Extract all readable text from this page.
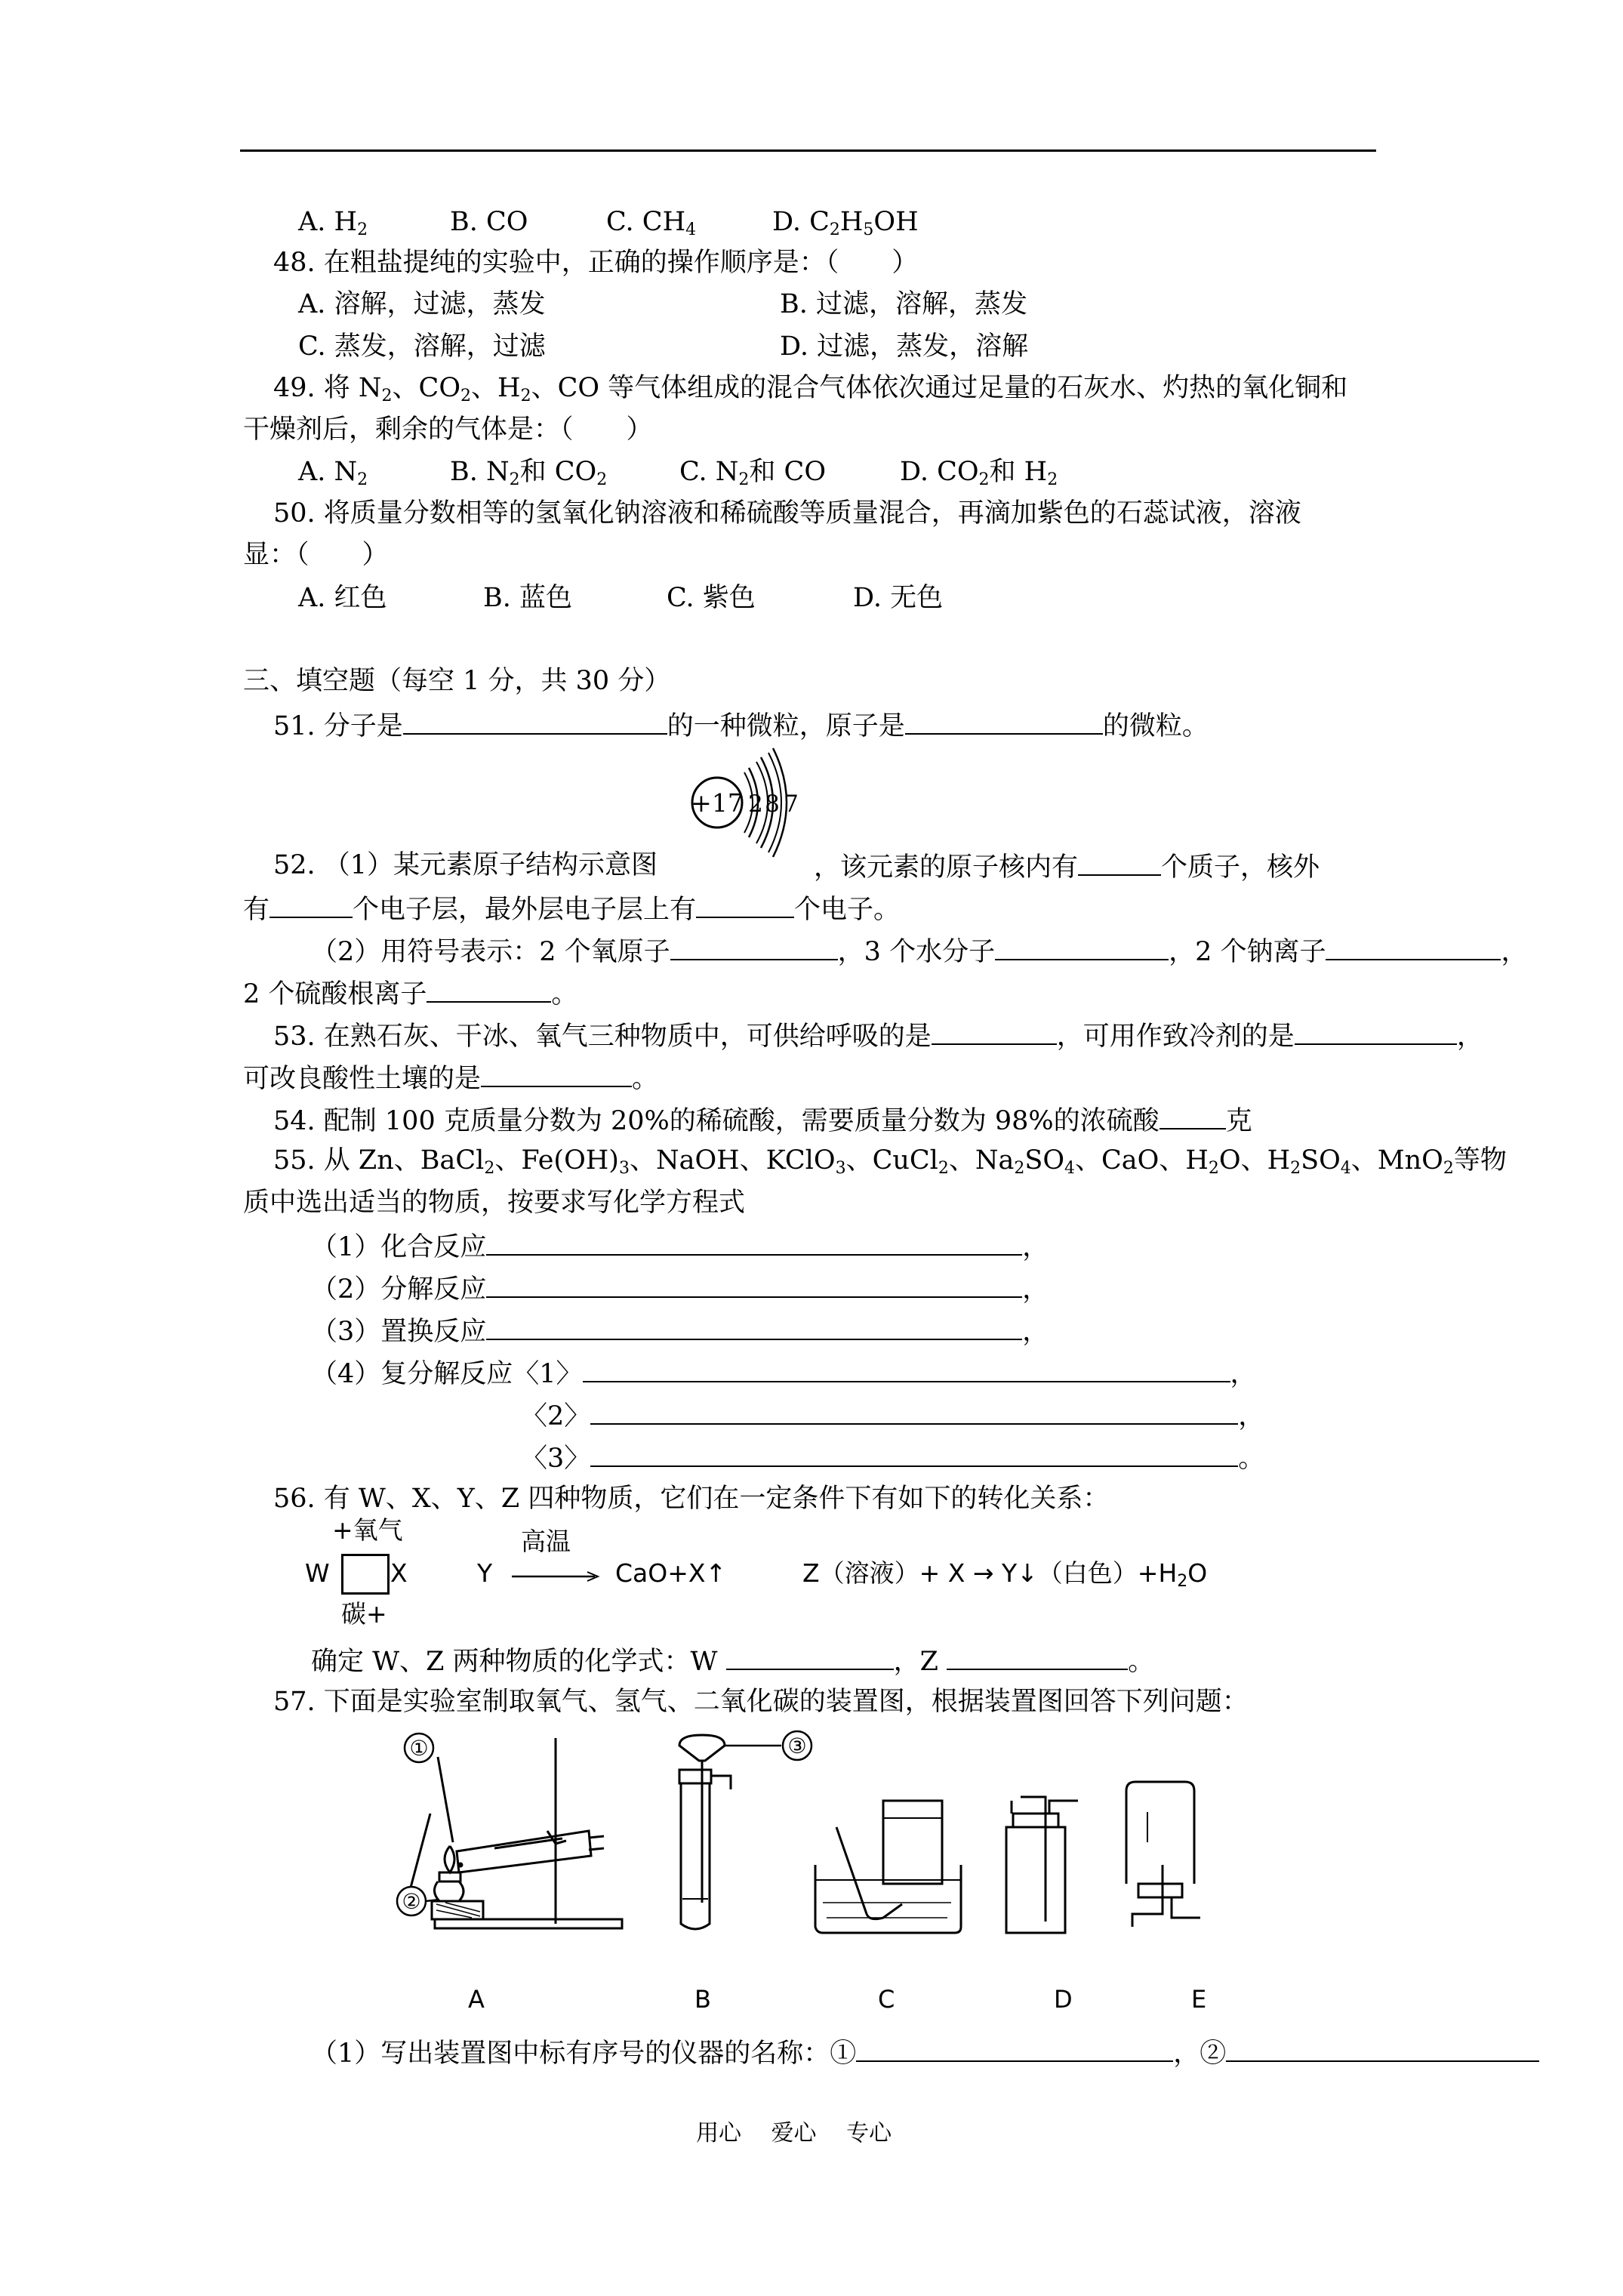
A. $H_2$	B. CO	C. $CH_4$	D. $C_2H_5OH$
48. 在粗盐提纯的实验中，正确的操作顺序是：（　　）
A. 溶解，过滤，蒸发	B. 过滤，溶解，蒸发
C. 蒸发，溶解，过滤	D. 过滤，蒸发，溶解
49. 将 $N_2$、$CO_2$、$H_2$、CO 等气体组成的混合气体依次通过足量的石灰水、灼热的氧化铜和
干燥剂后，剩余的气体是：（　　）
A. $N_2$	B. $N_2$和 $CO_2$	C. $N_2$和 CO	D. $CO_2$和 $H_2$
50. 将质量分数相等的氢氧化钠溶液和稀硫酸等质量混合，再滴加紫色的石蕊试液，溶液
显：（　　）
A. 红色	B. 蓝色	C. 紫色	D. 无色
三、填空题（每空 1 分，共 30 分）
51. 分子是	的一种微粒，原子是	的微粒。
+17 2 8 7
52. （1）某元素原子结构示意图	，该元素的原子核内有	个质子，核外
有	个电子层，最外层电子层上有	个电子。
（2）用符号表示：2 个氧原子	，3 个水分子	，2 个钠离子	，
2 个硫酸根离子	。
53. 在熟石灰、干冰、氧气三种物质中，可供给呼吸的是	，可用作致冷剂的是	，
可改良酸性土壤的是	。
54. 配制 100 克质量分数为 20%的稀硫酸，需要质量分数为 98%的浓硫酸	克
55. 从 Zn、BaCl$_2$、$Fe(OH)_3$、NaOH、KClO$_3$、CuCl$_2$、$Na_2SO_4$、CaO、$H_2O$、$H_2SO_4$、MnO$_2$等物
质中选出适当的物质，按要求写化学方程式
（1）化合反应	，
（2）分解反应	，
（3）置换反应	，
（4）复分解反应〈1〉	，
〈2〉	，
〈3〉	。
56. 有 W、X、Y、Z 四种物质，它们在一定条件下有如下的转化关系：
+氧气
W X
碳+
Y
高温
CaO+X↑	Z（溶液）+ X → Y↓（白色）$+H_2O$
确定 W、Z 两种物质的化学式：W	，Z	。
57. 下面是实验室制取氧气、氢气、二氧化碳的装置图，根据装置图回答下列问题：
①
②
③
A	B	C	D	E
（1）写出装置图中标有序号的仪器的名称：①	，②
用心　 爱心　 专心
